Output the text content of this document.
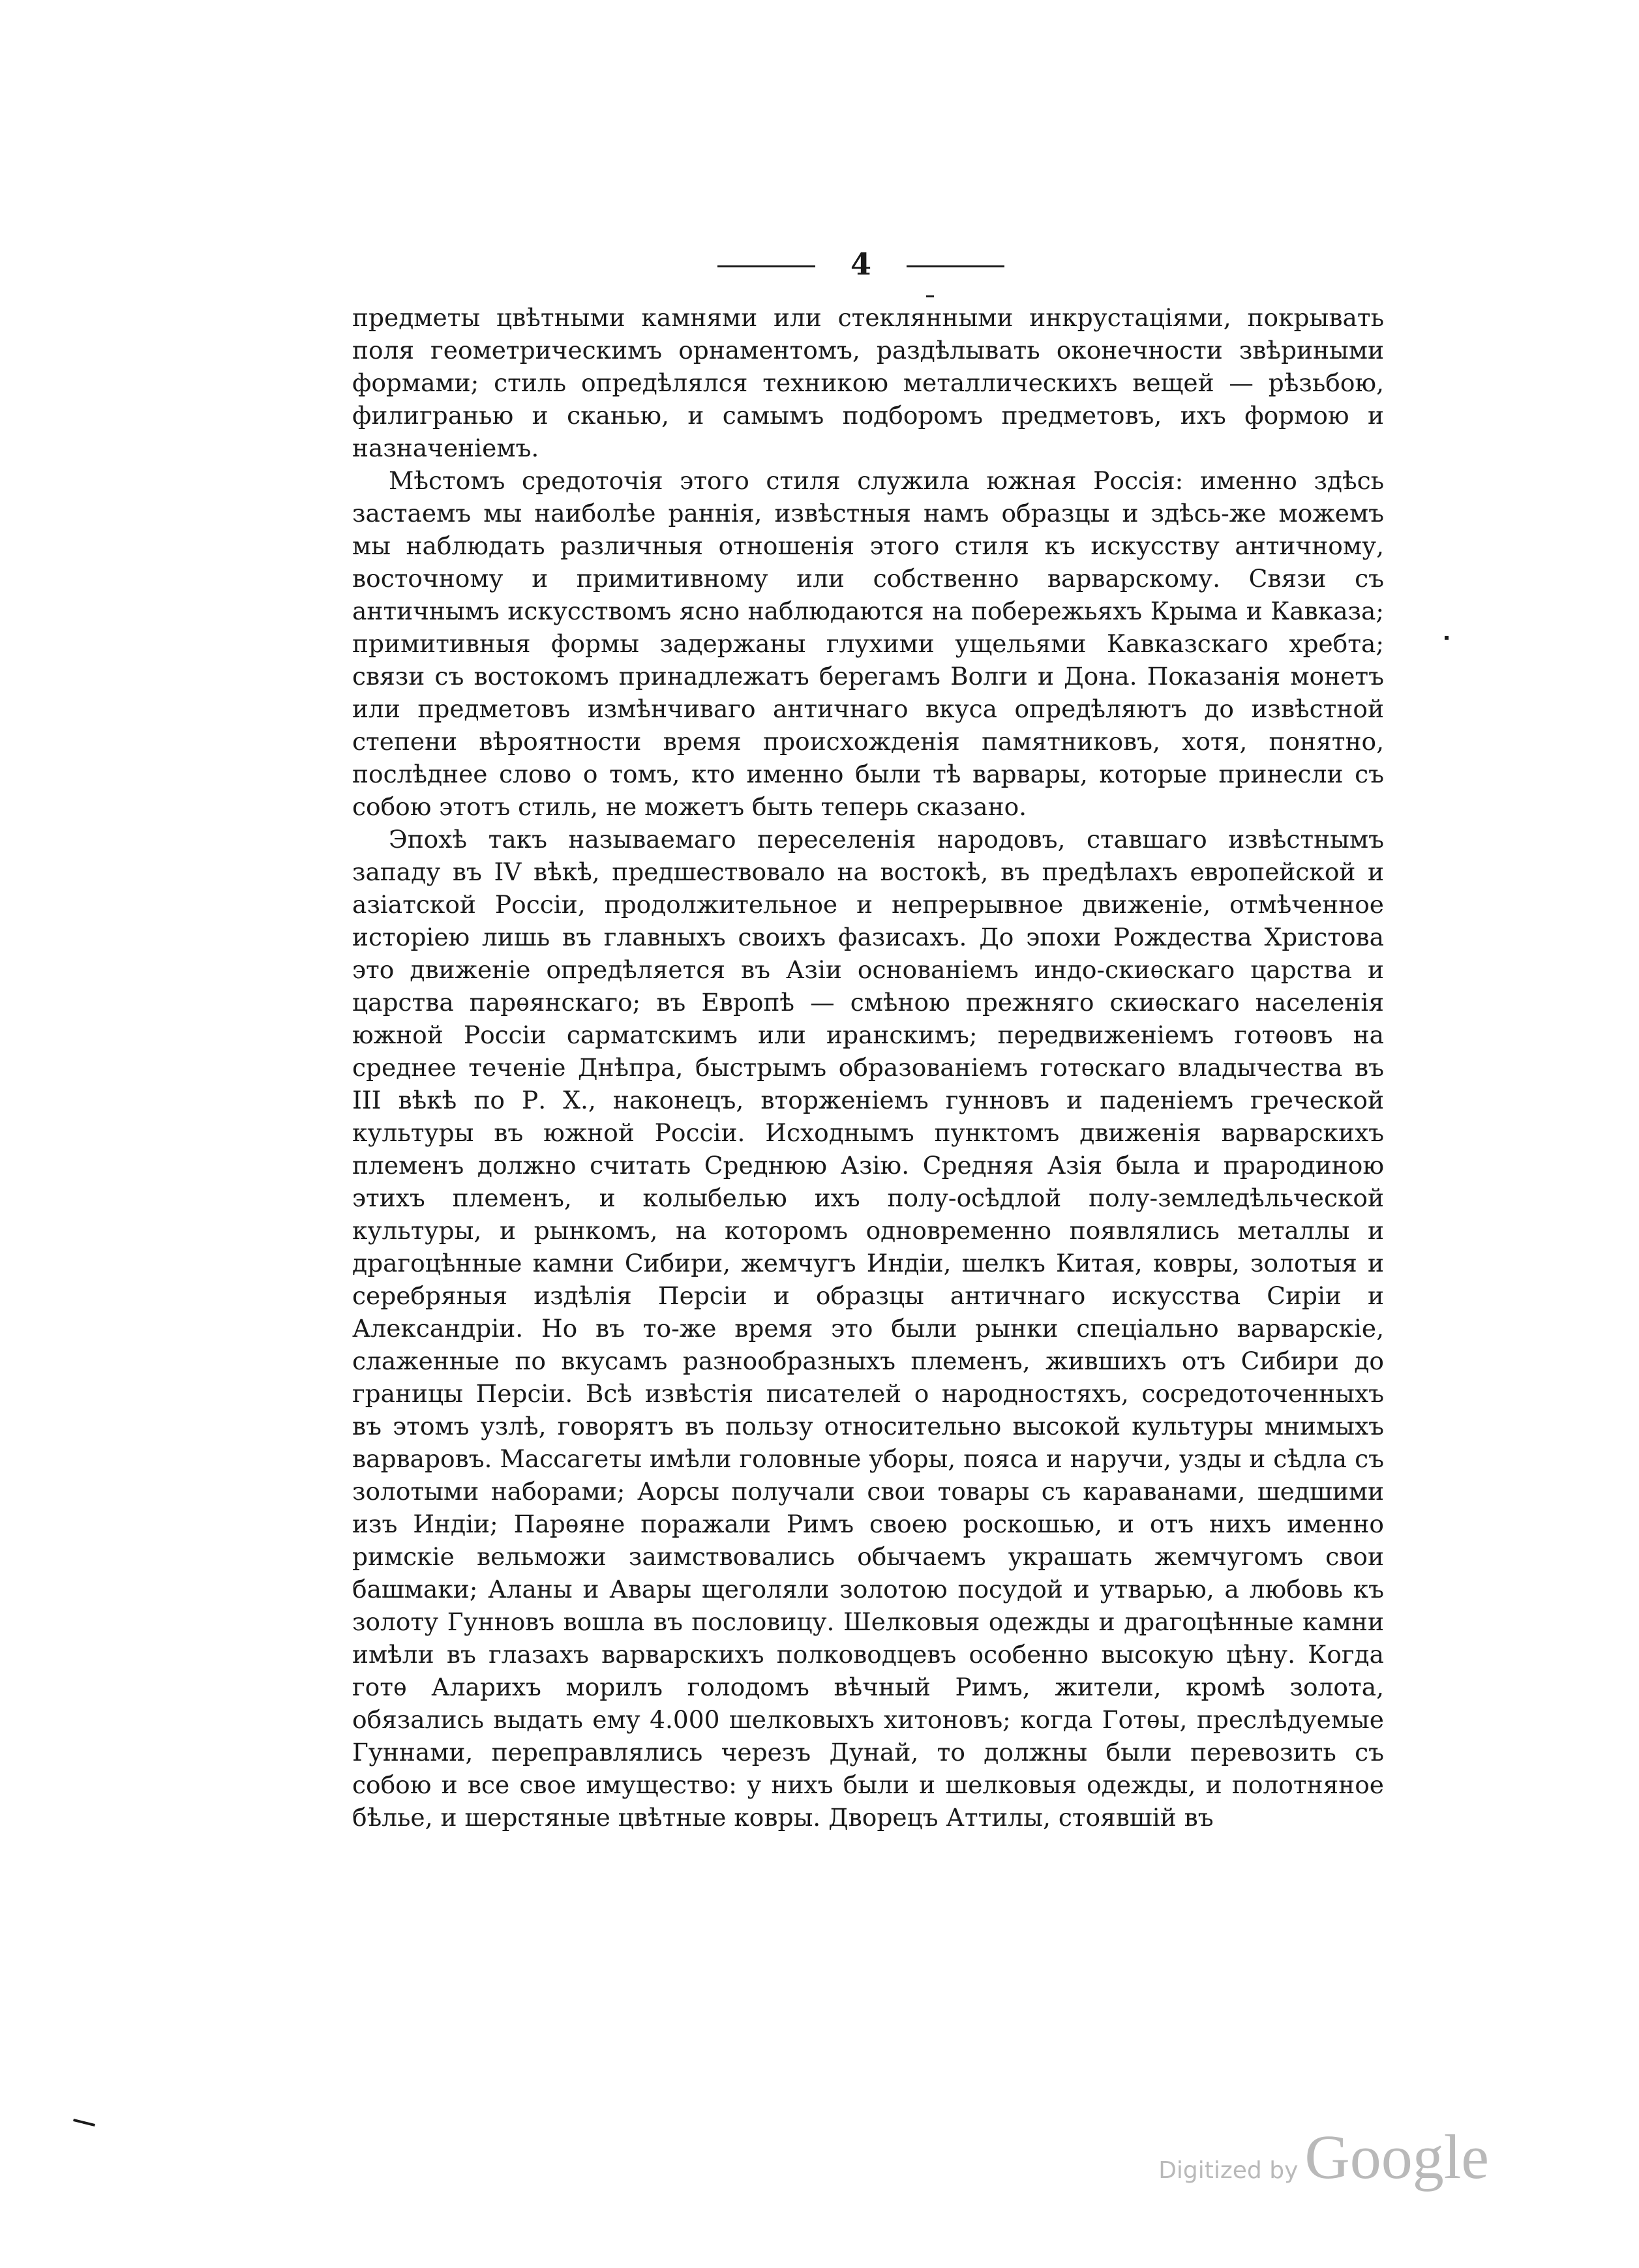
4

предметы цвѣтными камнями или стеклянными инкрустаціями, покрывать поля геометрическимъ орнаментомъ, раздѣлывать оконечности звѣриными формами; стиль опредѣлялся техникою металлическихъ вещей — рѣзьбою, филигранью и сканью, и самымъ подборомъ предметовъ, ихъ формою и назначеніемъ.

Мѣстомъ средоточія этого стиля служила южная Россія: именно здѣсь застаемъ мы наиболѣе раннія, извѣстныя намъ образцы и здѣсь-же можемъ мы наблюдать различныя отношенія этого стиля къ искусству античному, восточному и примитивному или собственно варварскому. Связи съ античнымъ искусствомъ ясно наблюдаются на побережьяхъ Крыма и Кавказа; примитивныя формы задержаны глухими ущельями Кавказскаго хребта; связи съ востокомъ принадлежатъ берегамъ Волги и Дона. Показанія монетъ или предметовъ измѣнчиваго античнаго вкуса опредѣляютъ до извѣстной степени вѣроятности время происхожденія памятниковъ, хотя, понятно, послѣднее слово о томъ, кто именно были тѣ варвары, которые принесли съ собою этотъ стиль, не можетъ быть теперь сказано.

Эпохѣ такъ называемаго переселенія народовъ, ставшаго извѣстнымъ западу въ IV вѣкѣ, предшествовало на востокѣ, въ предѣлахъ европейской и азіатской Россіи, продолжительное и непрерывное движеніе, отмѣченное исторіею лишь въ главныхъ своихъ фазисахъ. До эпохи Рождества Христова это движеніе опредѣляется въ Азіи основаніемъ индо-скиѳскаго царства и царства парѳянскаго; въ Европѣ — смѣною прежняго скиѳскаго населенія южной Россіи сарматскимъ или иранскимъ; передвиженіемъ готѳовъ на среднее теченіе Днѣпра, быстрымъ образованіемъ готѳскаго владычества въ III вѣкѣ по Р. Х., наконецъ, вторженіемъ гунновъ и паденіемъ греческой культуры въ южной Россіи. Исходнымъ пунктомъ движенія варварскихъ племенъ должно считать Среднюю Азію. Средняя Азія была и прародиною этихъ племенъ, и колыбелью ихъ полу-осѣдлой полу-земледѣльческой культуры, и рынкомъ, на которомъ одновременно появлялись металлы и драгоцѣнные камни Сибири, жемчугъ Индіи, шелкъ Китая, ковры, золотыя и серебряныя издѣлія Персіи и образцы античнаго искусства Сиріи и Александріи. Но въ то-же время это были рынки спеціально варварскіе, слаженные по вкусамъ разнообразныхъ племенъ, жившихъ отъ Сибири до границы Персіи. Всѣ извѣстія писателей о народностяхъ, сосредоточенныхъ въ этомъ узлѣ, говорятъ въ пользу относительно высокой культуры мнимыхъ варваровъ. Массагеты имѣли головные уборы, пояса и наручи, узды и сѣдла съ золотыми наборами; Аорсы получали свои товары съ караванами, шедшими изъ Индіи; Парѳяне поражали Римъ своею роскошью, и отъ нихъ именно римскіе вельможи заимствовались обычаемъ украшать жемчугомъ свои башмаки; Аланы и Авары щеголяли золотою посудой и утварью, а любовь къ золоту Гунновъ вошла въ пословицу. Шелковыя одежды и драгоцѣнные камни имѣли въ глазахъ варварскихъ полководцевъ особенно высокую цѣну. Когда готѳ Аларихъ морилъ голодомъ вѣчный Римъ, жители, кромѣ золота, обязались выдать ему 4.000 шелковыхъ хитоновъ; когда Готѳы, преслѣдуемые Гуннами, переправлялись черезъ Дунай, то должны были перевозить съ собою и все свое имущество: у нихъ были и шелковыя одежды, и полотняное бѣлье, и шерстяные цвѣтные ковры. Дворецъ Аттилы, стоявшій въ

Digitized by Google
